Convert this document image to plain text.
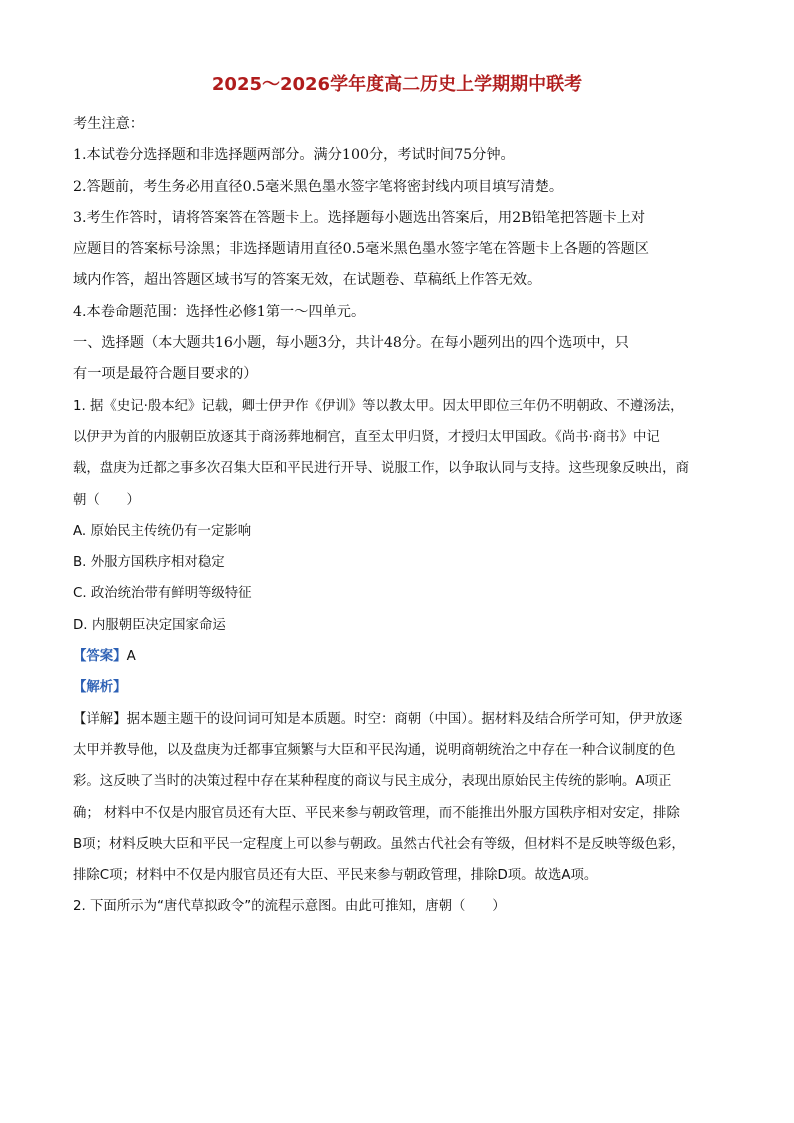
2025～2026学年度高二历史上学期期中联考
考生注意：
1.本试卷分选择题和非选择题两部分。满分100分，考试时间75分钟。
2.答题前，考生务必用直径0.5毫米黑色墨水签字笔将密封线内项目填写清楚。
3.考生作答时，请将答案答在答题卡上。选择题每小题选出答案后，用2B铅笔把答题卡上对
应题目的答案标号涂黑；非选择题请用直径0.5毫米黑色墨水签字笔在答题卡上各题的答题区
域内作答，超出答题区域书写的答案无效，在试题卷、草稿纸上作答无效。
4.本卷命题范围：选择性必修1第一～四单元。
一、选择题（本大题共16小题，每小题3分，共计48分。在每小题列出的四个选项中，只
有一项是最符合题目要求的）
1. 据《史记·殷本纪》记载，卿士伊尹作《伊训》等以教太甲。因太甲即位三年仍不明朝政、不遵汤法，
以伊尹为首的内服朝臣放逐其于商汤葬地桐宫，直至太甲归贤，才授归太甲国政。《尚书·商书》中记
载，盘庚为迁都之事多次召集大臣和平民进行开导、说服工作，以争取认同与支持。这些现象反映出，商
朝（　　）
A. 原始民主传统仍有一定影响
B. 外服方国秩序相对稳定
C. 政治统治带有鲜明等级特征
D. 内服朝臣决定国家命运
【答案】A
【解析】
【详解】据本题主题干的设问词可知是本质题。时空：商朝（中国）。据材料及结合所学可知，伊尹放逐
太甲并教导他，以及盘庚为迁都事宜频繁与大臣和平民沟通，说明商朝统治之中存在一种合议制度的色
彩。这反映了当时的决策过程中存在某种程度的商议与民主成分，表现出原始民主传统的影响。A项正
确； 材料中不仅是内服官员还有大臣、平民来参与朝政管理，而不能推出外服方国秩序相对安定，排除
B项；材料反映大臣和平民一定程度上可以参与朝政。虽然古代社会有等级，但材料不是反映等级色彩，
排除C项；材料中不仅是内服官员还有大臣、平民来参与朝政管理，排除D项。故选A项。
2. 下面所示为“唐代草拟政令”的流程示意图。由此可推知，唐朝（　　）
